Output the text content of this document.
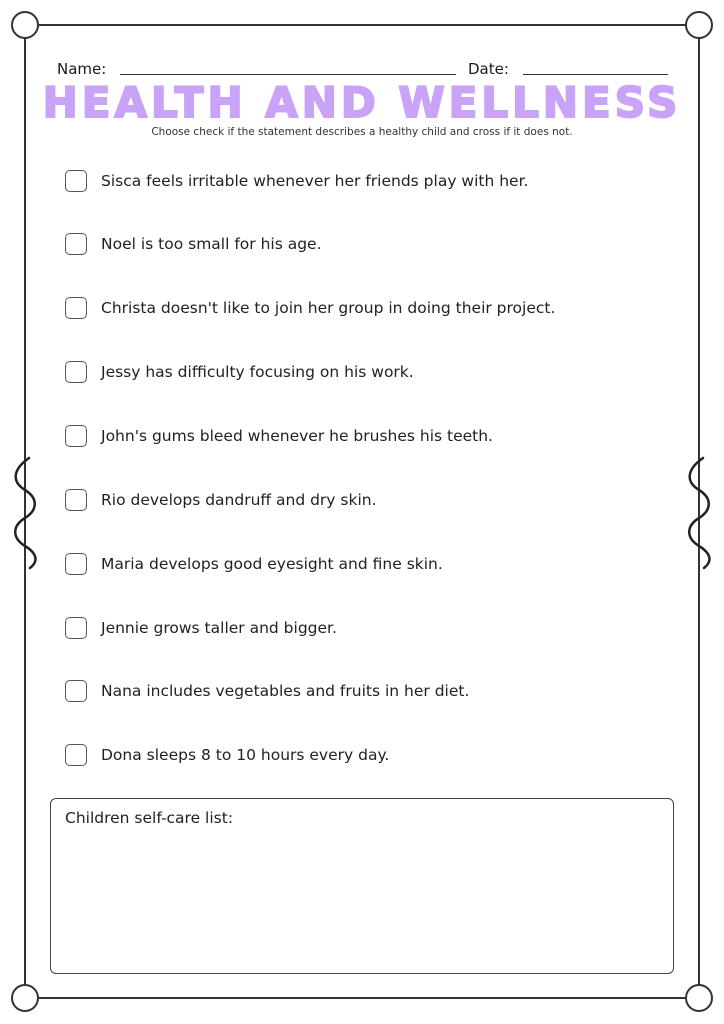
Name:	Date:
HEALTH AND WELLNESS
Choose check if the statement describes a healthy child and cross if it does not.
Sisca feels irritable whenever her friends play with her.
Noel is too small for his age.
Christa doesn't like to join her group in doing their project.
Jessy has difficulty focusing on his work.
John's gums bleed whenever he brushes his teeth.
Rio develops dandruff and dry skin.
Maria develops good eyesight and fine skin.
Jennie grows taller and bigger.
Nana includes vegetables and fruits in her diet.
Dona sleeps 8 to 10 hours every day.
Children self-care list:
